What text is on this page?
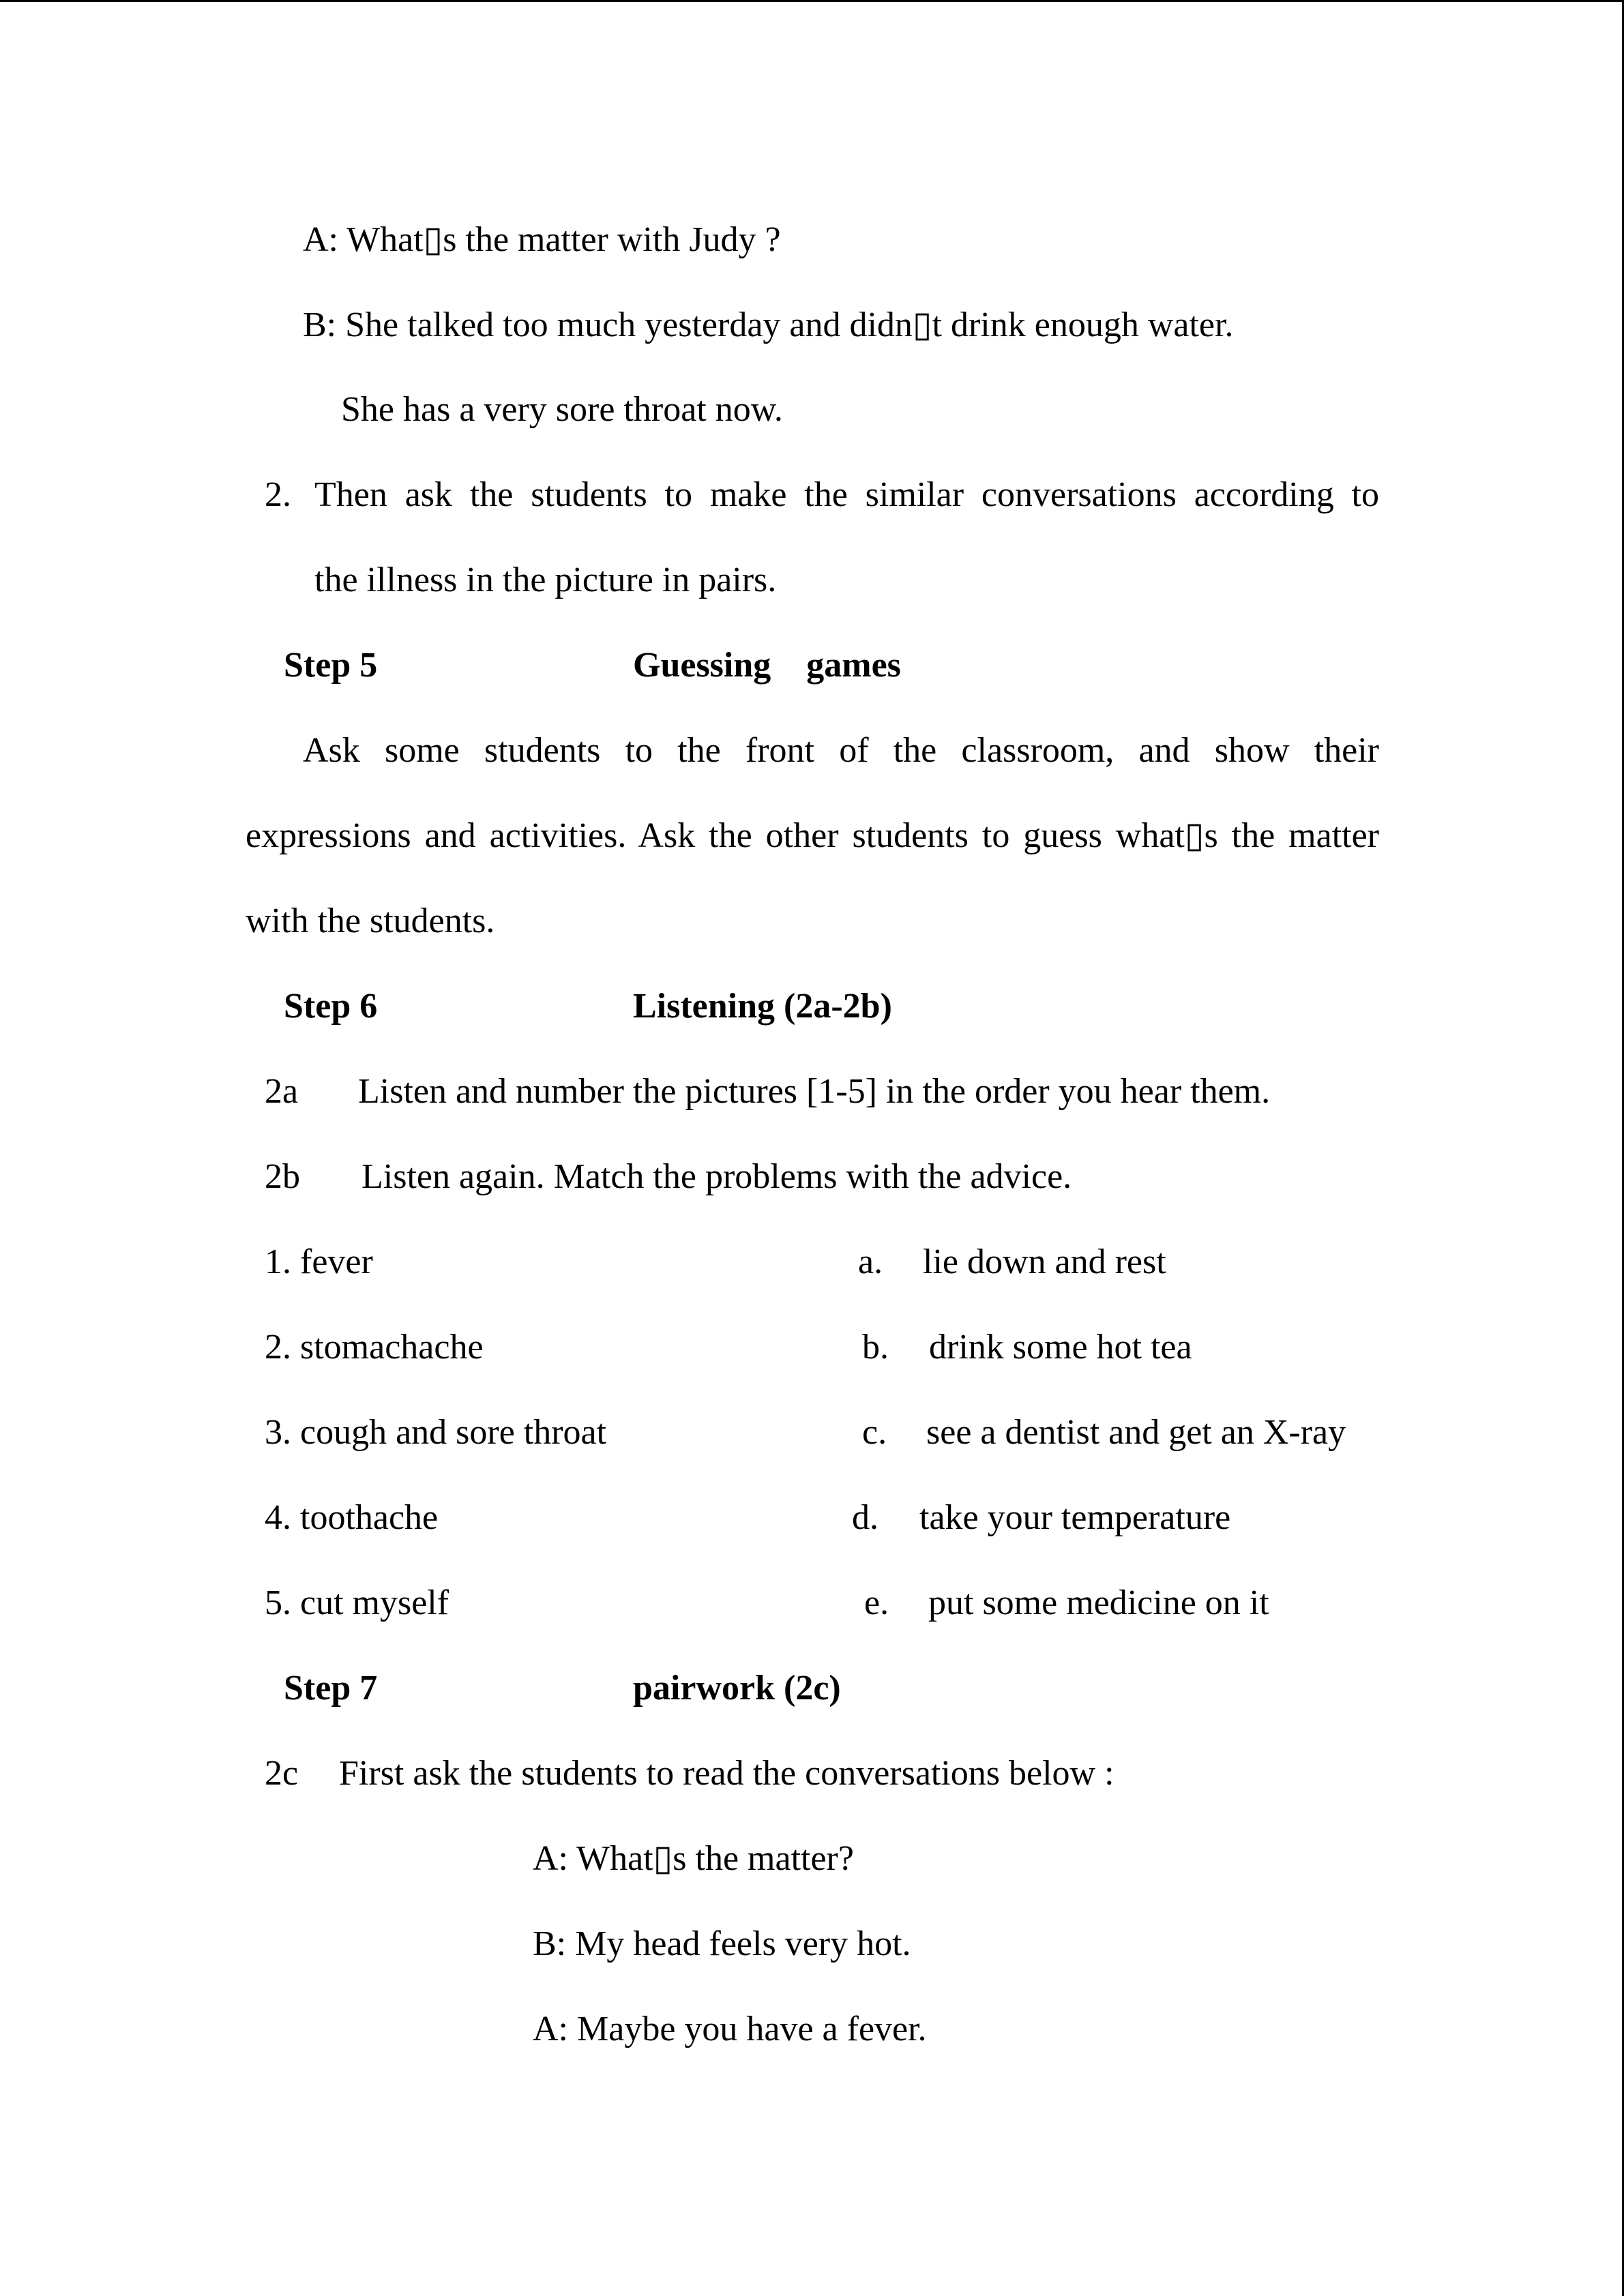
A: What▯s the matter with Judy ?
B: She talked too much yesterday and didn▯t drink enough water.
She has a very sore throat now.
2. Then ask the students to make the similar conversations according to
the illness in the picture in pairs.
Step 5	Guessing games
Ask some students to the front of the classroom, and show their
expressions and activities. Ask the other students to guess what▯s the matter
with the students.
Step 6	Listening (2a-2b)
2a Listen and number the pictures [1-5] in the order you hear them.
2b Listen again. Match the problems with the advice.
1. fever	a. lie down and rest
2. stomachache	b. drink some hot tea
3. cough and sore throat	c. see a dentist and get an X-ray
4. toothache	d. take your temperature
5. cut myself	e. put some medicine on it
Step 7	pairwork (2c)
2c First ask the students to read the conversations below :
A: What▯s the matter?
B: My head feels very hot.
A: Maybe you have a fever.
